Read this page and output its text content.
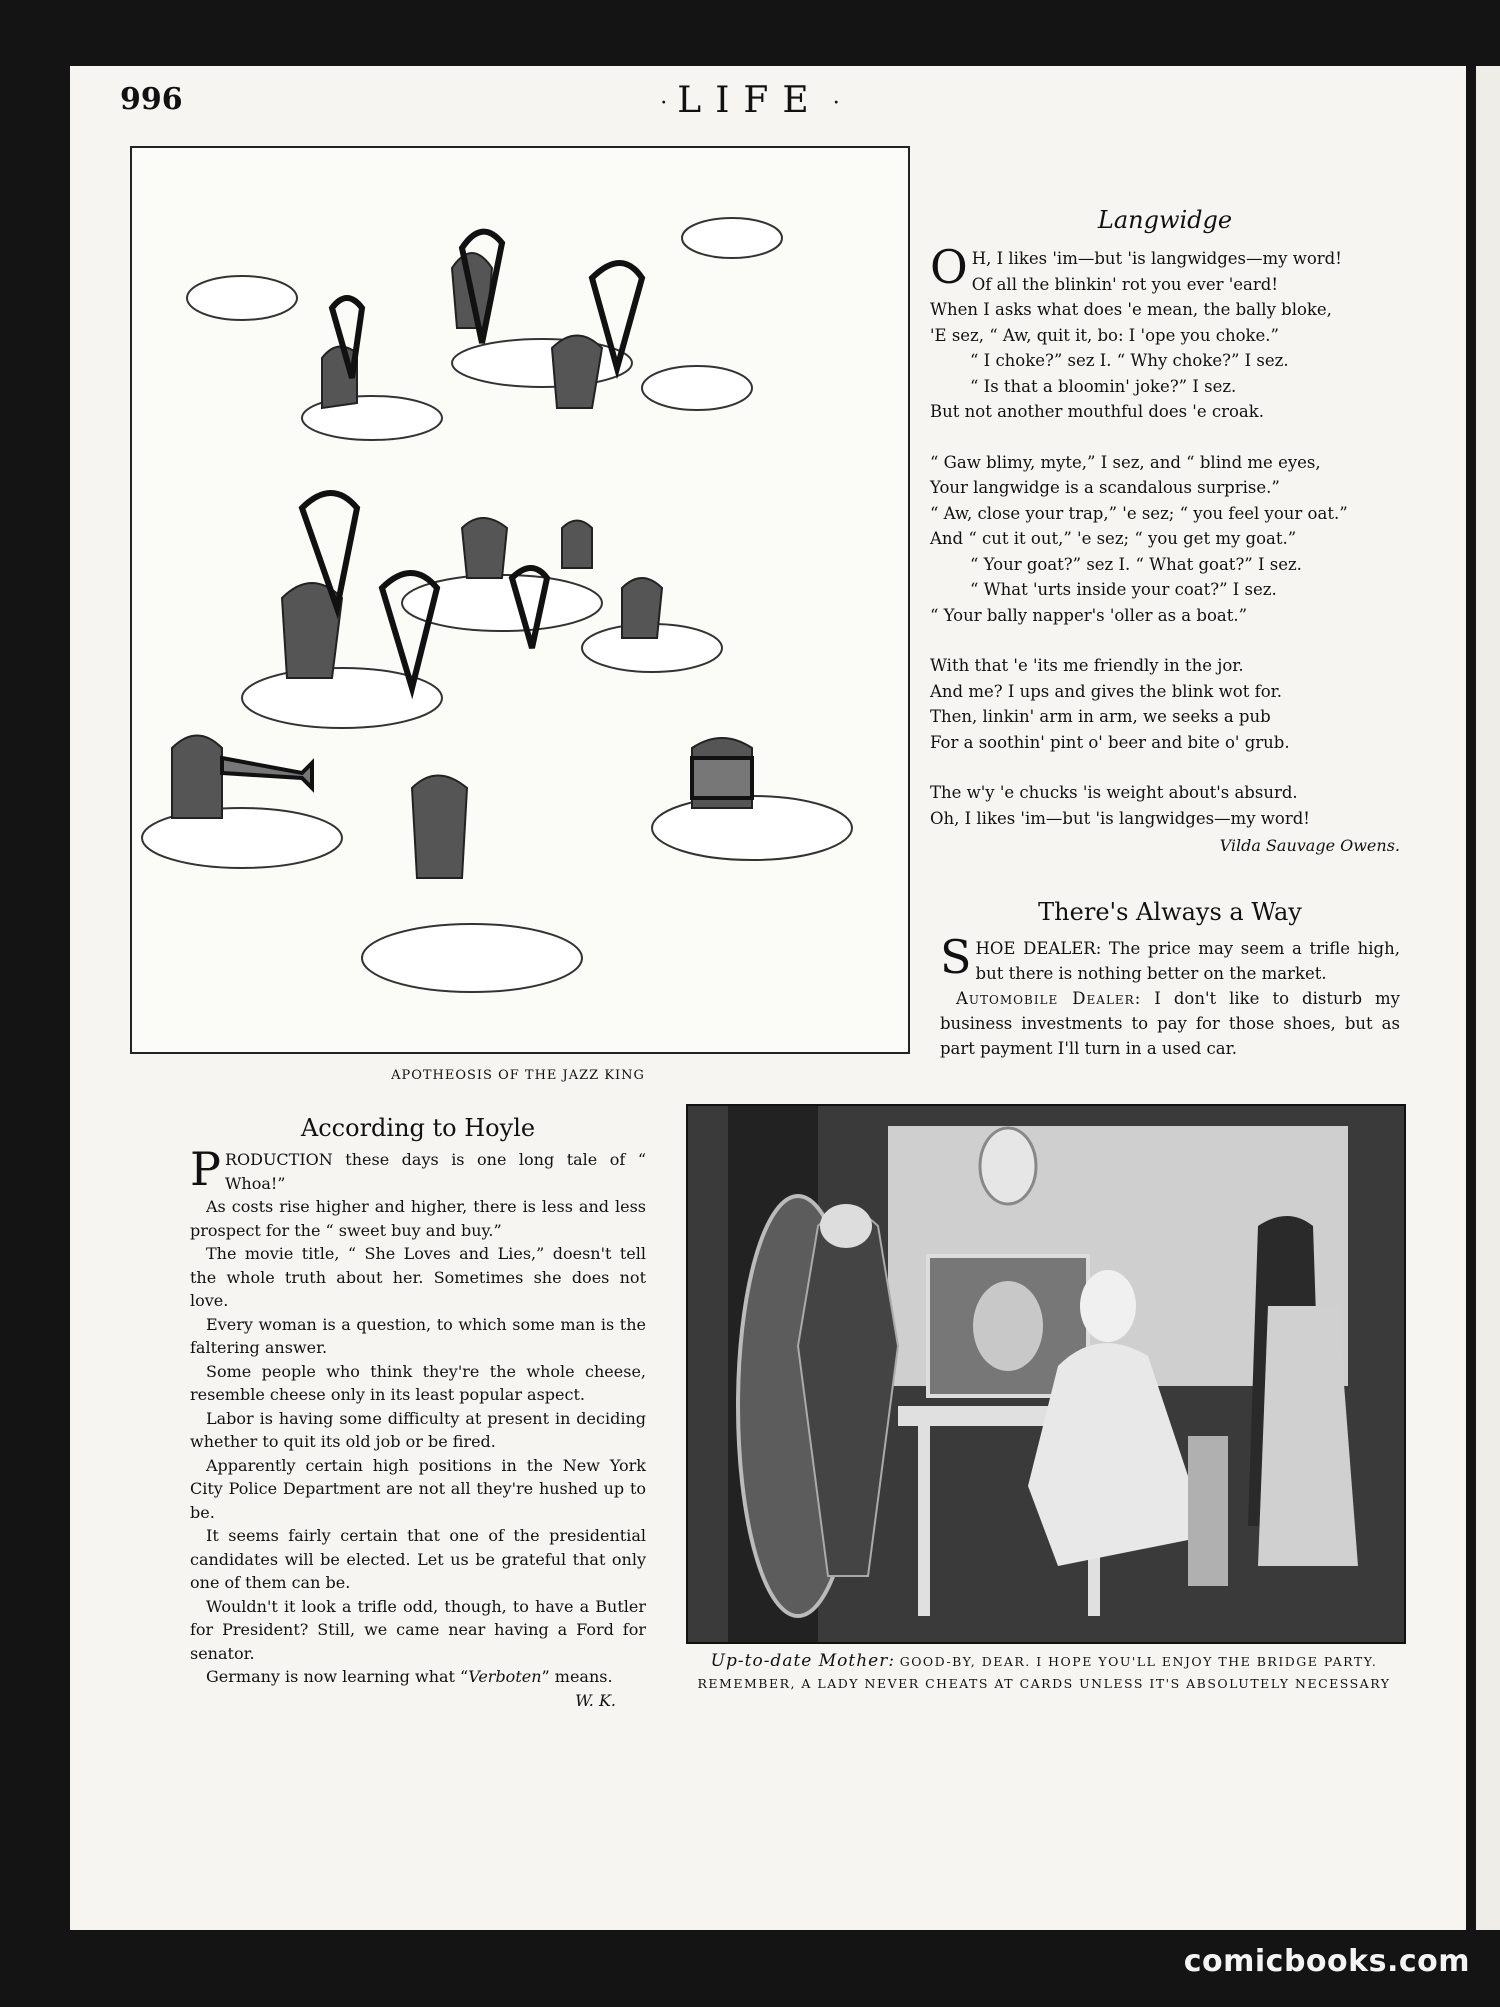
996	· LIFE ·
APOTHEOSIS OF THE JAZZ KING
Langwidge
O H, I likes 'im—but 'is langwidges—my word!
Of all the blinkin' rot you ever 'eard!
When I asks what does 'e mean, the bally bloke,
'E sez, “ Aw, quit it, bo: I 'ope you choke.”
“ I choke?” sez I. “ Why choke?” I sez.
“ Is that a bloomin' joke?” I sez.
But not another mouthful does 'e croak.
“ Gaw blimy, myte,” I sez, and “ blind me eyes,
Your langwidge is a scandalous surprise.”
“ Aw, close your trap,” 'e sez; “ you feel your oat.”
And “ cut it out,” 'e sez; “ you get my goat.”
“ Your goat?” sez I. “ What goat?” I sez.
“ What 'urts inside your coat?” I sez.
“ Your bally napper's 'oller as a boat.”
With that 'e 'its me friendly in the jor.
And me? I ups and gives the blink wot for.
Then, linkin' arm in arm, we seeks a pub
For a soothin' pint o' beer and bite o' grub.
The w'y 'e chucks 'is weight about's absurd.
Oh, I likes 'im—but 'is langwidges—my word!
Vilda Sauvage Owens.
There's Always a Way

SHOE DEALER: The price may seem a trifle high, but there is nothing better on the market.

Automobile Dealer: I don't like to disturb my business investments to pay for those shoes, but as part payment I'll turn in a used car.

According to Hoyle

PRODUCTION these days is one long tale of “ Whoa!”

As costs rise higher and higher, there is less and less prospect for the “ sweet buy and buy.”

The movie title, “ She Loves and Lies,” doesn't tell the whole truth about her. Sometimes she does not love.

Every woman is a question, to which some man is the faltering answer.

Some people who think they're the whole cheese, resemble cheese only in its least popular aspect.

Labor is having some difficulty at present in deciding whether to quit its old job or be fired.

Apparently certain high positions in the New York City Police Department are not all they're hushed up to be.

It seems fairly certain that one of the presidential candidates will be elected. Let us be grateful that only one of them can be.

Wouldn't it look a trifle odd, though, to have a Butler for President? Still, we came near having a Ford for senator.

Germany is now learning what “Verboten” means.

W. K.
Up-to-date Mother: GOOD-BY, DEAR. I HOPE YOU'LL ENJOY THE BRIDGE PARTY. REMEMBER, A LADY NEVER CHEATS AT CARDS UNLESS IT'S ABSOLUTELY NECESSARY
comicbooks.com
